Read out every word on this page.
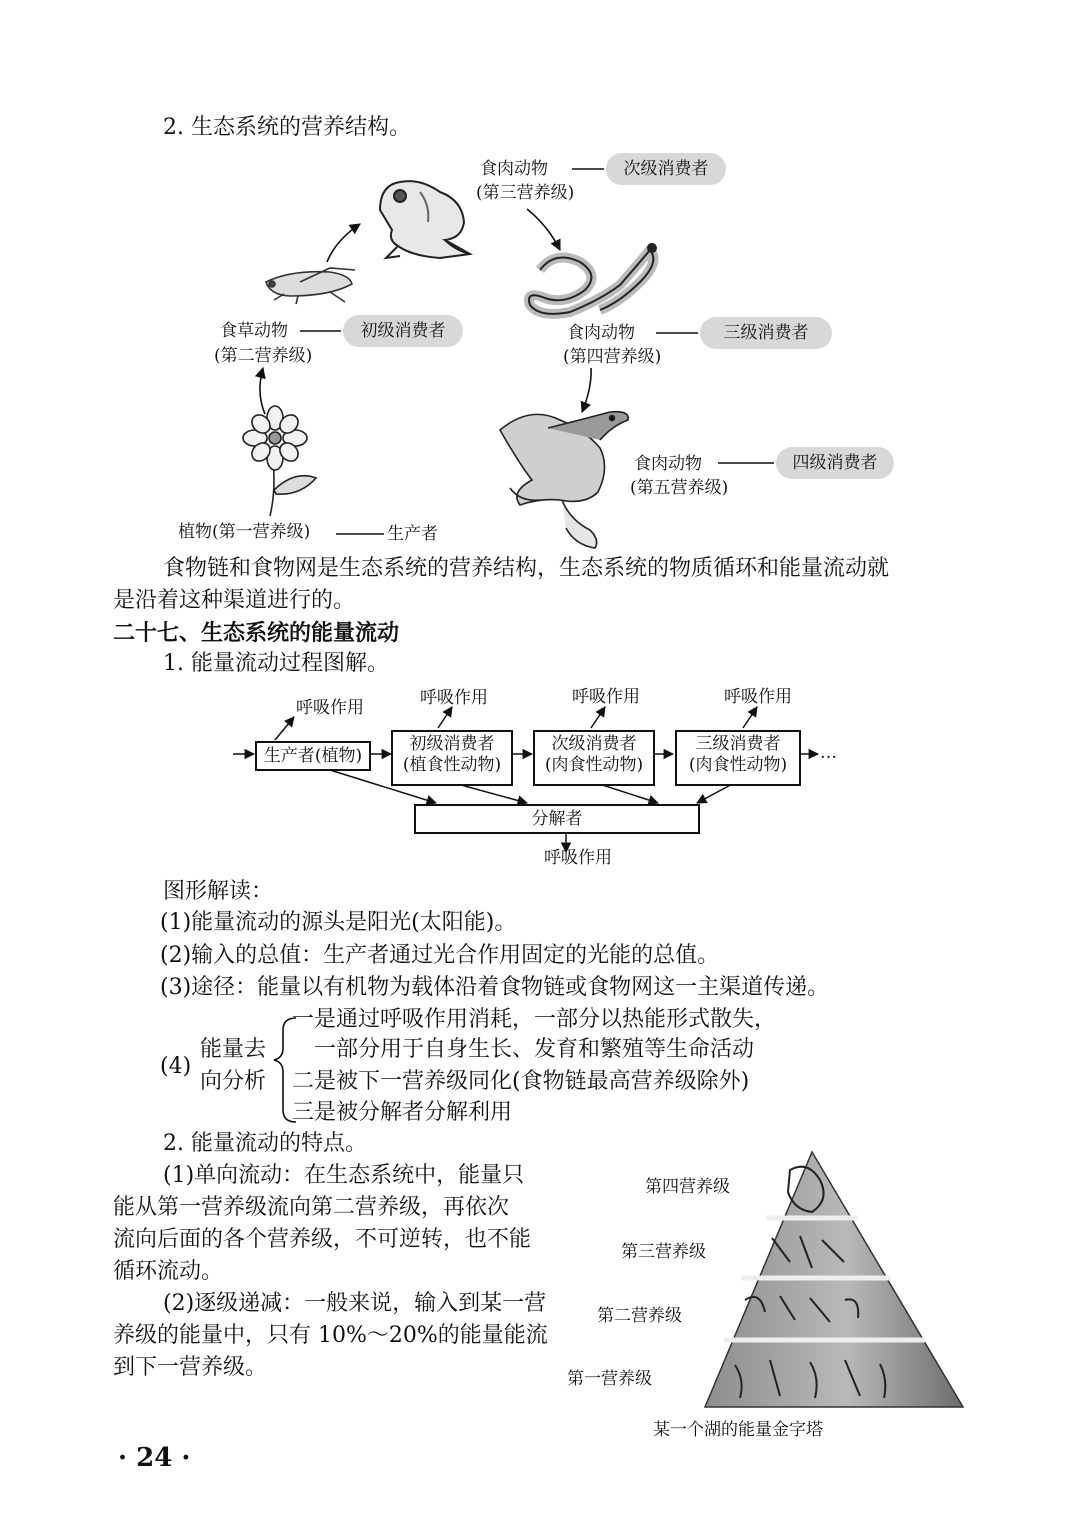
2. 生态系统的营养结构。
食肉动物
(第三营养级)
次级消费者
食草动物
(第二营养级)
初级消费者	食肉动物
(第四营养级)
三级消费者
食肉动物
(第五营养级)
四级消费者
植物(第一营养级)	生产者
食物链和食物网是生态系统的营养结构，生态系统的物质循环和能量流动就
是沿着这种渠道进行的。
二十七、生态系统的能量流动
1. 能量流动过程图解。
呼吸作用	呼吸作用	呼吸作用	呼吸作用
生产者(植物)
初级消费者
(植食性动物)
次级消费者
(肉食性动物)
三级消费者
(肉食性动物)
…
分解者
呼吸作用
图形解读：
(1)能量流动的源头是阳光(太阳能)。
(2)输入的总值：生产者通过光合作用固定的光能的总值。
(3)途径：能量以有机物为载体沿着食物链或食物网这一主渠道传递。
(4)
能量去
向分析
一是通过呼吸作用消耗，一部分以热能形式散失，
一部分用于自身生长、发育和繁殖等生命活动
二是被下一营养级同化(食物链最高营养级除外)
三是被分解者分解利用
2. 能量流动的特点。
(1)单向流动：在生态系统中，能量只
能从第一营养级流向第二营养级，再依次
流向后面的各个营养级，不可逆转，也不能
循环流动。
(2)逐级递减：一般来说，输入到某一营
养级的能量中，只有 10%～20%的能量能流
到下一营养级。
第四营养级
第三营养级
第二营养级
第一营养级
某一个湖的能量金字塔
· 24 ·
